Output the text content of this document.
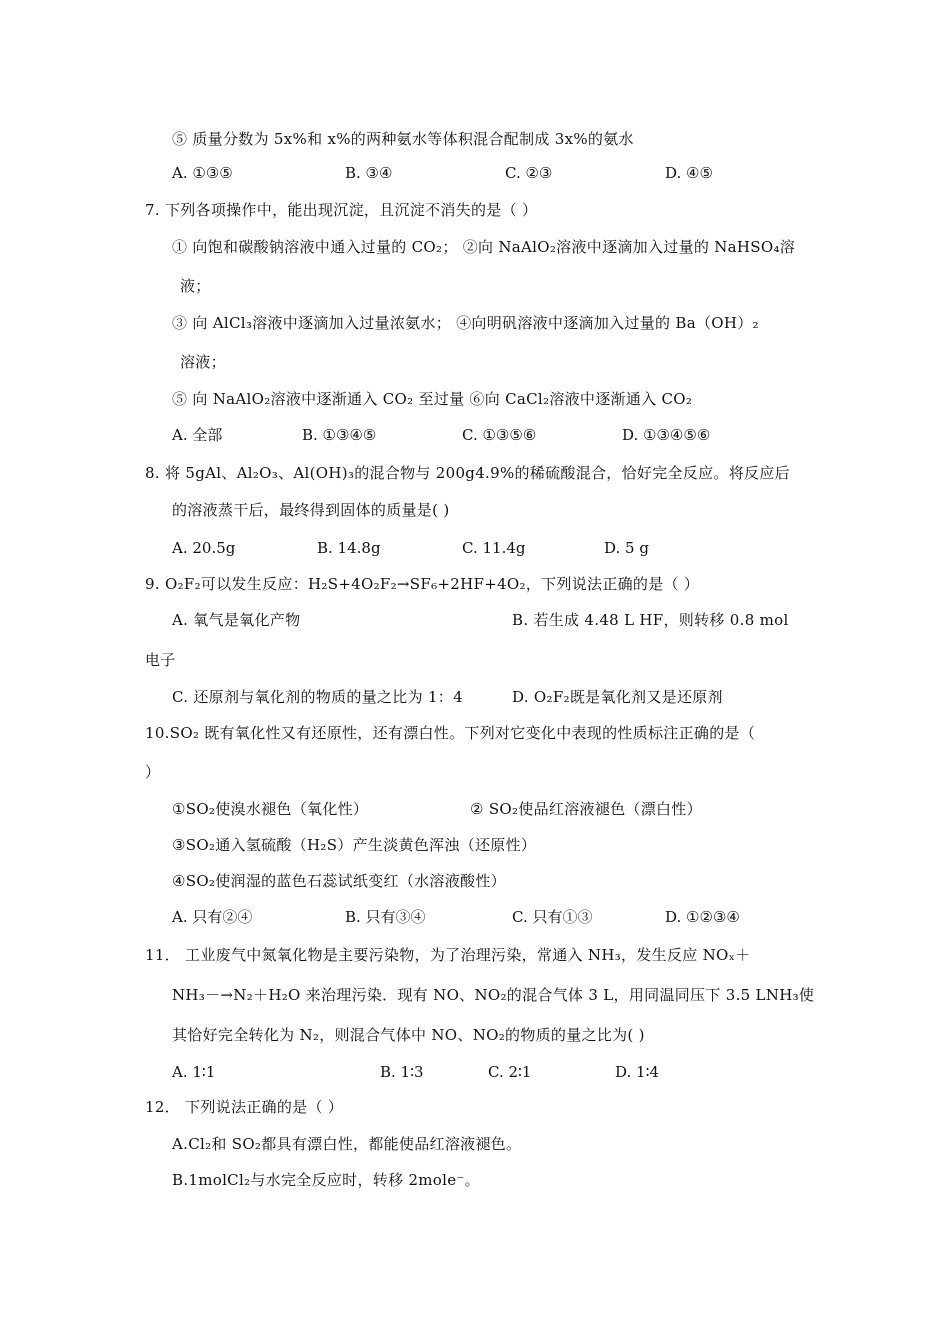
⑤ 质量分数为 5x%和 x%的两种氨水等体积混合配制成 3x%的氨水
A. ①③⑤	B. ③④	C. ②③	D. ④⑤
7. 下列各项操作中，能出现沉淀，且沉淀不消失的是（ ）
① 向饱和碳酸钠溶液中通入过量的 CO₂； ②向 NaAlO₂溶液中逐滴加入过量的 NaHSO₄溶
液；
③ 向 AlCl₃溶液中逐滴加入过量浓氨水； ④向明矾溶液中逐滴加入过量的 Ba（OH）₂
溶液；
⑤ 向 NaAlO₂溶液中逐渐通入 CO₂ 至过量 ⑥向 CaCl₂溶液中逐渐通入 CO₂
A. 全部	B. ①③④⑤	C. ①③⑤⑥	D. ①③④⑤⑥
8. 将 5gAl、Al₂O₃、Al(OH)₃的混合物与 200g4.9%的稀硫酸混合，恰好完全反应。将反应后
的溶液蒸干后，最终得到固体的质量是( )
A. 20.5g	B. 14.8g	C. 11.4g	D. 5 g
9. O₂F₂可以发生反应：H₂S+4O₂F₂→SF₆+2HF+4O₂，下列说法正确的是（ ）
A. 氧气是氧化产物	B. 若生成 4.48 L HF，则转移 0.8 mol
电子
C. 还原剂与氧化剂的物质的量之比为 1：4	D. O₂F₂既是氧化剂又是还原剂
10.SO₂ 既有氧化性又有还原性，还有漂白性。下列对它变化中表现的性质标注正确的是（
）
①SO₂使溴水褪色（氧化性）	② SO₂使品红溶液褪色（漂白性）
③SO₂通入氢硫酸（H₂S）产生淡黄色浑浊（还原性）
④SO₂使润湿的蓝色石蕊试纸变红（水溶液酸性）
A. 只有②④	B. 只有③④	C. 只有①③	D. ①②③④
11． 工业废气中氮氧化物是主要污染物，为了治理污染，常通入 NH₃，发生反应 NOₓ＋
NH₃－→N₂＋H₂O 来治理污染．现有 NO、NO₂的混合气体 3 L，用同温同压下 3.5 LNH₃使
其恰好完全转化为 N₂，则混合气体中 NO、NO₂的物质的量之比为( )
A. 1∶1	B. 1∶3	C. 2∶1	D. 1∶4
12． 下列说法正确的是（ ）
A.Cl₂和 SO₂都具有漂白性，都能使品红溶液褪色。
B.1molCl₂与水完全反应时，转移 2mole⁻。
